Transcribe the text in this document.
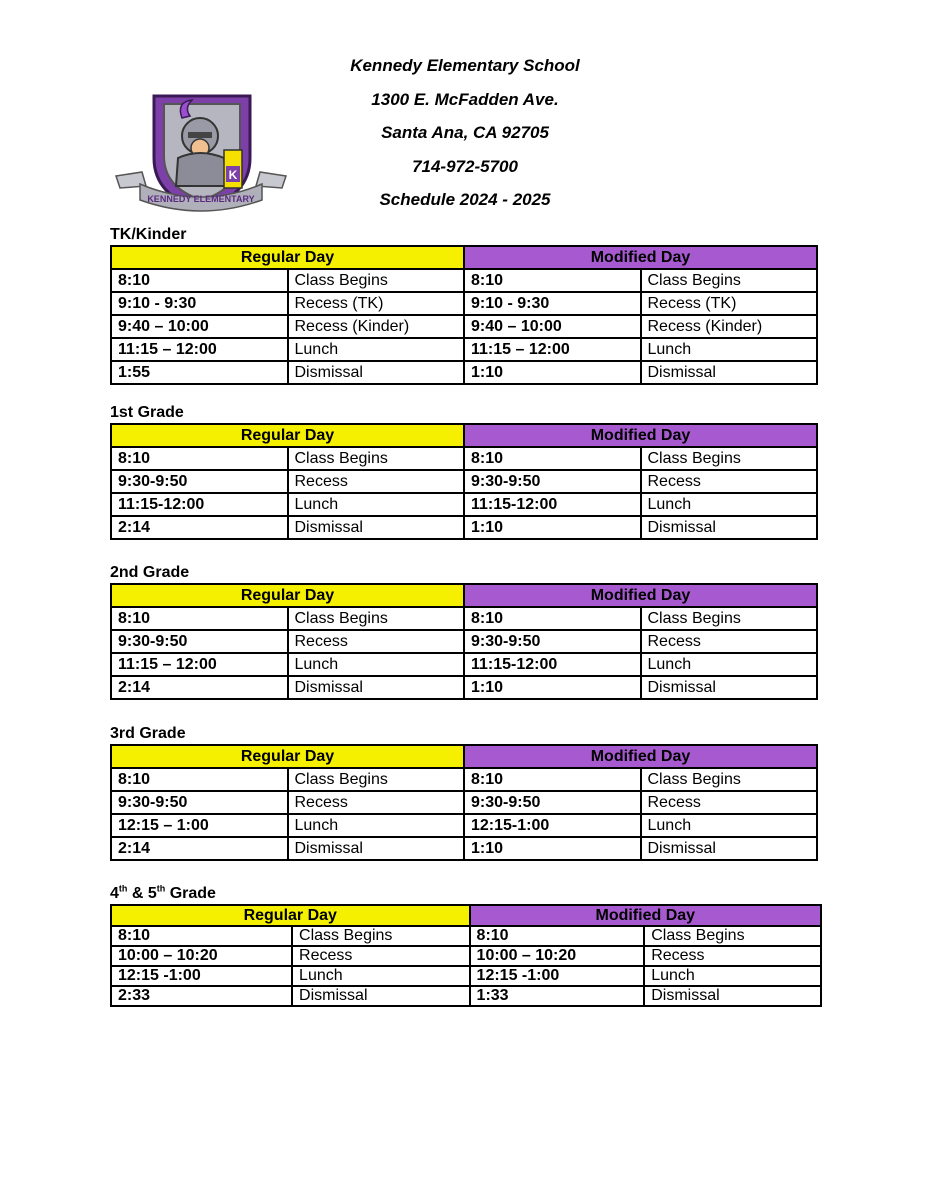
Kennedy Elementary School
1300 E. McFadden Ave.
Santa Ana, CA 92705
714-972-5700
Schedule 2024 - 2025
K
KENNEDY ELEMENTARY
TK/Kinder
Regular Day		Modified Day	
8:10	Class Begins	8:10	Class Begins
9:10 - 9:30	Recess (TK)	9:10 - 9:30	Recess (TK)
9:40 – 10:00	Recess (Kinder)	9:40 – 10:00	Recess (Kinder)
11:15 – 12:00	Lunch	11:15 – 12:00	Lunch
1:55	Dismissal	1:10	Dismissal
1st Grade
Regular Day		Modified Day	
8:10	Class Begins	8:10	Class Begins
9:30-9:50	Recess	9:30-9:50	Recess
11:15-12:00	Lunch	11:15-12:00	Lunch
2:14	Dismissal	1:10	Dismissal
2nd Grade
Regular Day		Modified Day	
8:10	Class Begins	8:10	Class Begins
9:30-9:50	Recess	9:30-9:50	Recess
11:15 – 12:00	Lunch	11:15-12:00	Lunch
2:14	Dismissal	1:10	Dismissal
3rd Grade
Regular Day		Modified Day	
8:10	Class Begins	8:10	Class Begins
9:30-9:50	Recess	9:30-9:50	Recess
12:15 – 1:00	Lunch	12:15-1:00	Lunch
2:14	Dismissal	1:10	Dismissal
4th & 5th Grade
Regular Day		Modified Day	
8:10	Class Begins	8:10	Class Begins
10:00 – 10:20	Recess	10:00 – 10:20	Recess
12:15 -1:00	Lunch	12:15 -1:00	Lunch
2:33	Dismissal	1:33	Dismissal
